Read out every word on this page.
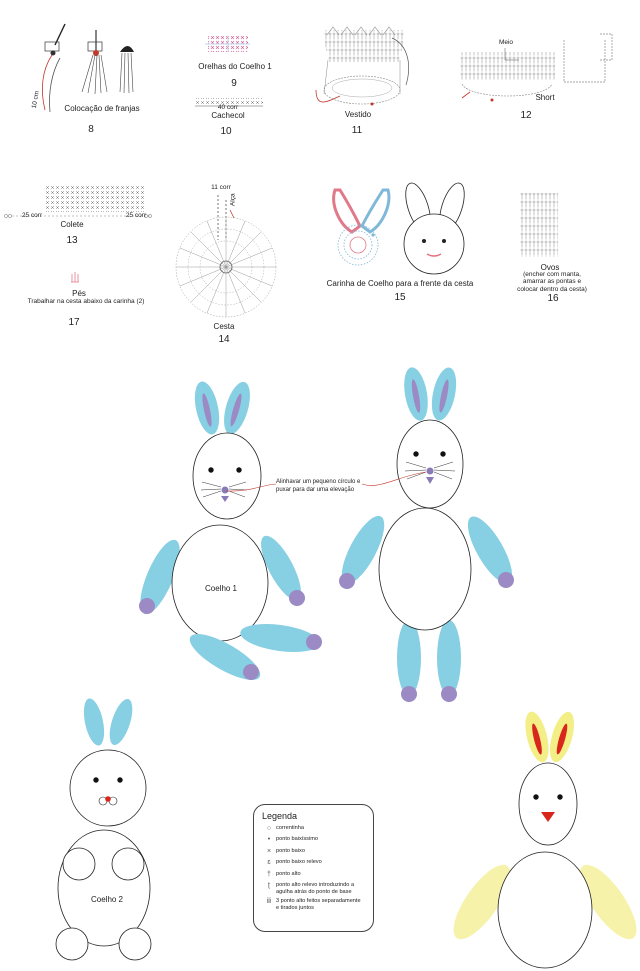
10 cm	Colocação de franjas
8
Orelhas do Coelho 1
9
40 corr
Cachecol
10
Vestido
11
Meio
Short
12
25 corr	25 corr
Colete
13
11 corr
Alça
Cesta
14
Carinha de Coelho para a frente da cesta
15
Ovos
(encher com manta, amarrar as pontas e colocar dentro da cesta)
16
Pés
Trabalhar na cesta abaixo da carinha (2)
17
Alinhavar um pequeno círculo e puxar para dar uma elevação
Coelho 1
Coelho 2
Legenda
○ correntinha
•	ponto baixíssimo
× ponto baixo
ɛ ponto baixo relevo
† ponto alto
ʈ	ponto alto relevo introduzindo a agulha atrás do ponto de base
ⅲ 3 ponto alto feitos separadamente e tirados juntos
